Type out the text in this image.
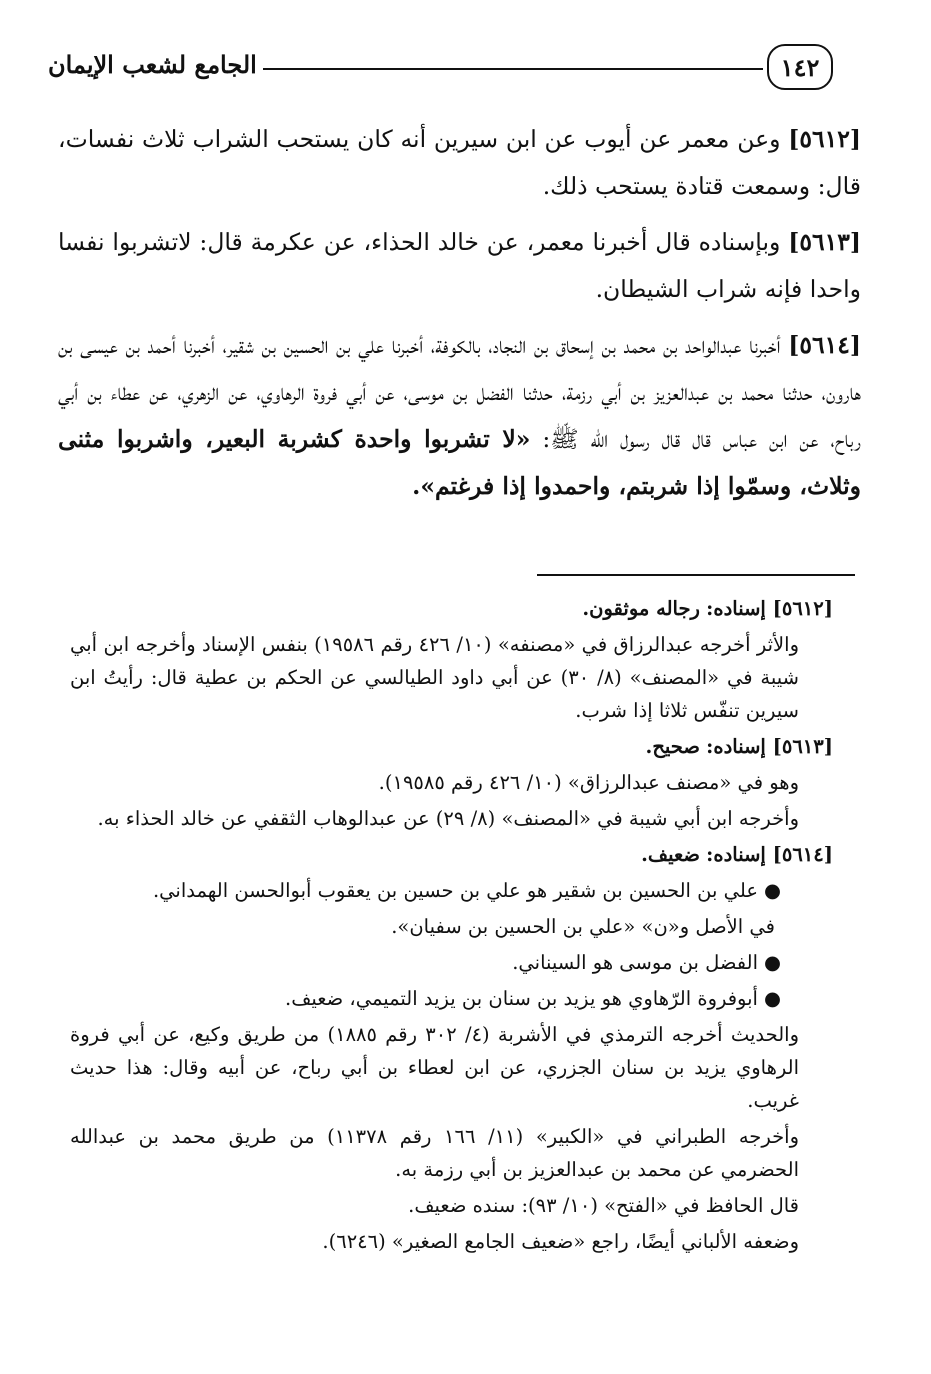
١٤٢
الجامع لشعب الإيمان

[٥٦١٢] وعن معمر عن أيوب عن ابن سيرين أنه كان يستحب الشراب ثلاث نفسات، قال: وسمعت قتادة يستحب ذلك.

[٥٦١٣] وبإسناده قال أخبرنا معمر، عن خالد الحذاء، عن عكرمة قال: لاتشربوا نفسا واحدا فإنه شراب الشيطان.

[٥٦١٤] أخبرنا عبدالواحد بن محمد بن إسحاق بن النجاد، بالكوفة، أخبرنا علي بن الحسين بن شقير، أخبرنا أحمد بن عيسى بن هارون، حدثنا محمد بن عبدالعزيز بن أبي رزمة، حدثنا الفضل بن موسى، عن أبي فروة الرهاوي، عن الزهري، عن عطاء بن أبي رباح، عن ابن عباس قال قال رسول الله ﷺ: «لا تشربوا واحدة كشربة البعير، واشربوا مثنى وثلاث، وسمّوا إذا شربتم، واحمدوا إذا فرغتم».

[٥٦١٢] إسناده: رجاله موثقون.

والأثر أخرجه عبدالرزاق في «مصنفه» (١٠/ ٤٢٦ رقم ١٩٥٨٦) بنفس الإسناد وأخرجه ابن أبي شيبة في «المصنف» (٨/ ٣٠) عن أبي داود الطيالسي عن الحكم بن عطية قال: رأيتُ ابن سيرين تنفّس ثلاثا إذا شرب.

[٥٦١٣] إسناده: صحيح.

وهو في «مصنف عبدالرزاق» (١٠/ ٤٢٦ رقم ١٩٥٨٥).

وأخرجه ابن أبي شيبة في «المصنف» (٨/ ٢٩) عن عبدالوهاب الثقفي عن خالد الحذاء به.

[٥٦١٤] إسناده: ضعيف.

●علي بن الحسين بن شقير هو علي بن حسين بن يعقوب أبوالحسن الهمداني.

في الأصل و«ن» «علي بن الحسين بن سفيان».

●الفضل بن موسى هو السيناني.

●أبوفروة الرّهاوي هو يزيد بن سنان بن يزيد التميمي، ضعيف.

والحديث أخرجه الترمذي في الأشربة (٤/ ٣٠٢ رقم ١٨٨٥) من طريق وكيع، عن أبي فروة الرهاوي يزيد بن سنان الجزري، عن ابن لعطاء بن أبي رباح، عن أبيه وقال: هذا حديث غريب.

وأخرجه الطبراني في «الكبير» (١١/ ١٦٦ رقم ١١٣٧٨) من طريق محمد بن عبدالله الحضرمي عن محمد بن عبدالعزيز بن أبي رزمة به.

قال الحافظ في «الفتح» (١٠/ ٩٣): سنده ضعيف.

وضعفه الألباني أيضًا، راجع «ضعيف الجامع الصغير» (٦٢٤٦).
